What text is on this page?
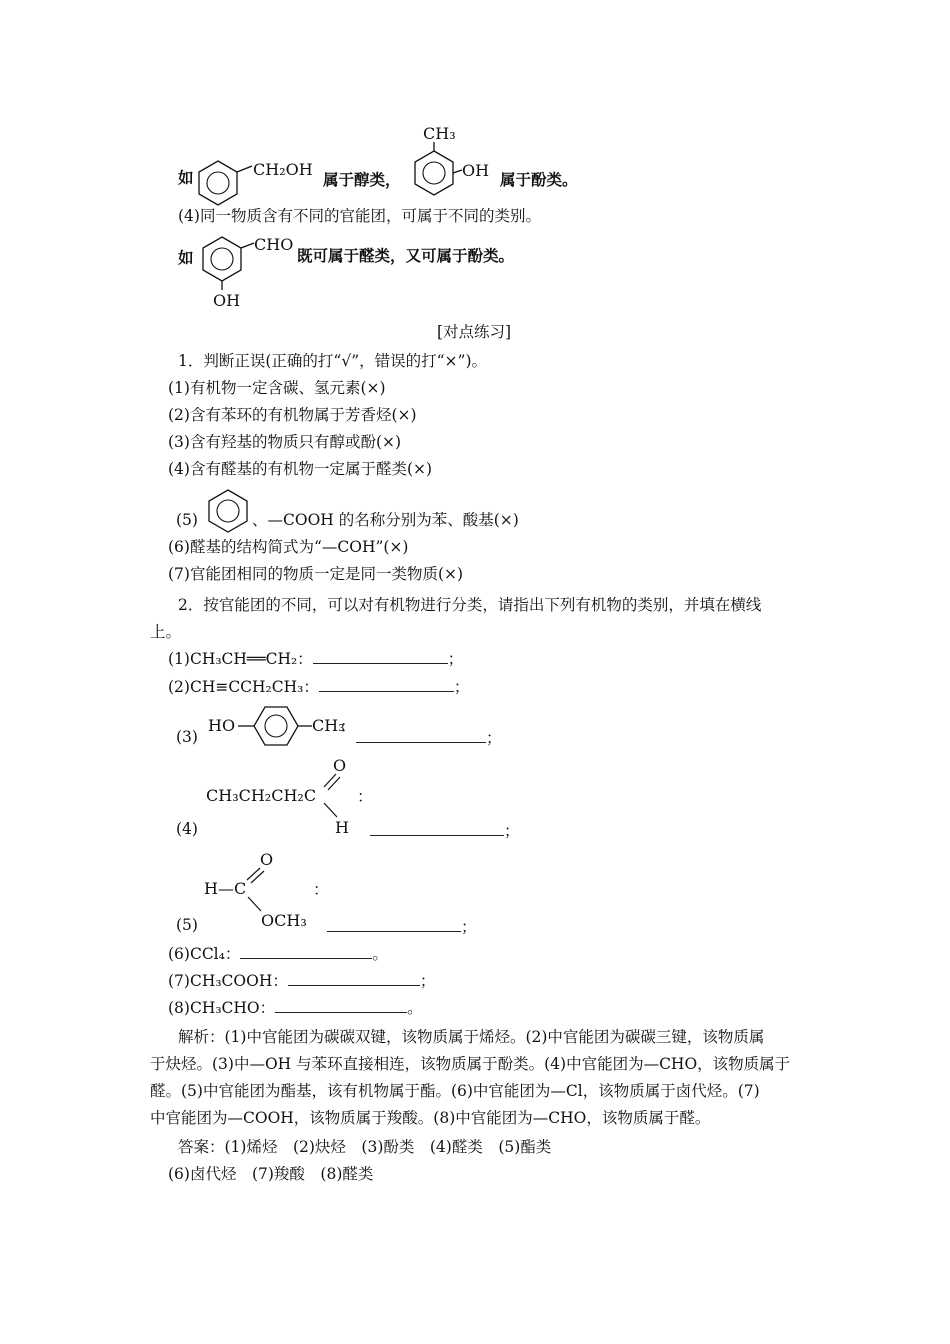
如	CH₂OH
属于醇类，
CH₃
OH 属于酚类。
(4)同一物质含有不同的官能团，可属于不同的类别。
如
CHO
OH
既可属于醛类，又可属于酚类。
[对点练习]
1．判断正误(正确的打“√”，错误的打“×”)。
(1)有机物一定含碳、氢元素(×)
(2)含有苯环的有机物属于芳香烃(×)
(3)含有羟基的物质只有醇或酚(×)
(4)含有醛基的有机物一定属于醛类(×)
(5)	、—COOH 的名称分别为苯、酸基(×)
(6)醛基的结构简式为“—COH”(×)
(7)官能团相同的物质一定是同一类物质(×)
2．按官能团的不同，可以对有机物进行分类，请指出下列有机物的类别，并填在横线
上。
(1)CH₃CH══CH₂：	；
(2)CH≡CCH₂CH₃：	；
(3)
HO	CH₃
：
；
CH₃CH₂CH₂C
O
H
：
(4)	；
O
H—C
OCH₃
：
(5)	；
(6)CCl₄：	。
(7)CH₃COOH：	；
(8)CH₃CHO：	。
解析：(1)中官能团为碳碳双键，该物质属于烯烃。(2)中官能团为碳碳三键，该物质属
于炔烃。(3)中—OH 与苯环直接相连，该物质属于酚类。(4)中官能团为—CHO，该物质属于
醛。(5)中官能团为酯基，该有机物属于酯。(6)中官能团为—Cl，该物质属于卤代烃。(7)
中官能团为—COOH，该物质属于羧酸。(8)中官能团为—CHO，该物质属于醛。
答案：(1)烯烃　(2)炔烃　(3)酚类　(4)醛类　(5)酯类
(6)卤代烃　(7)羧酸　(8)醛类
